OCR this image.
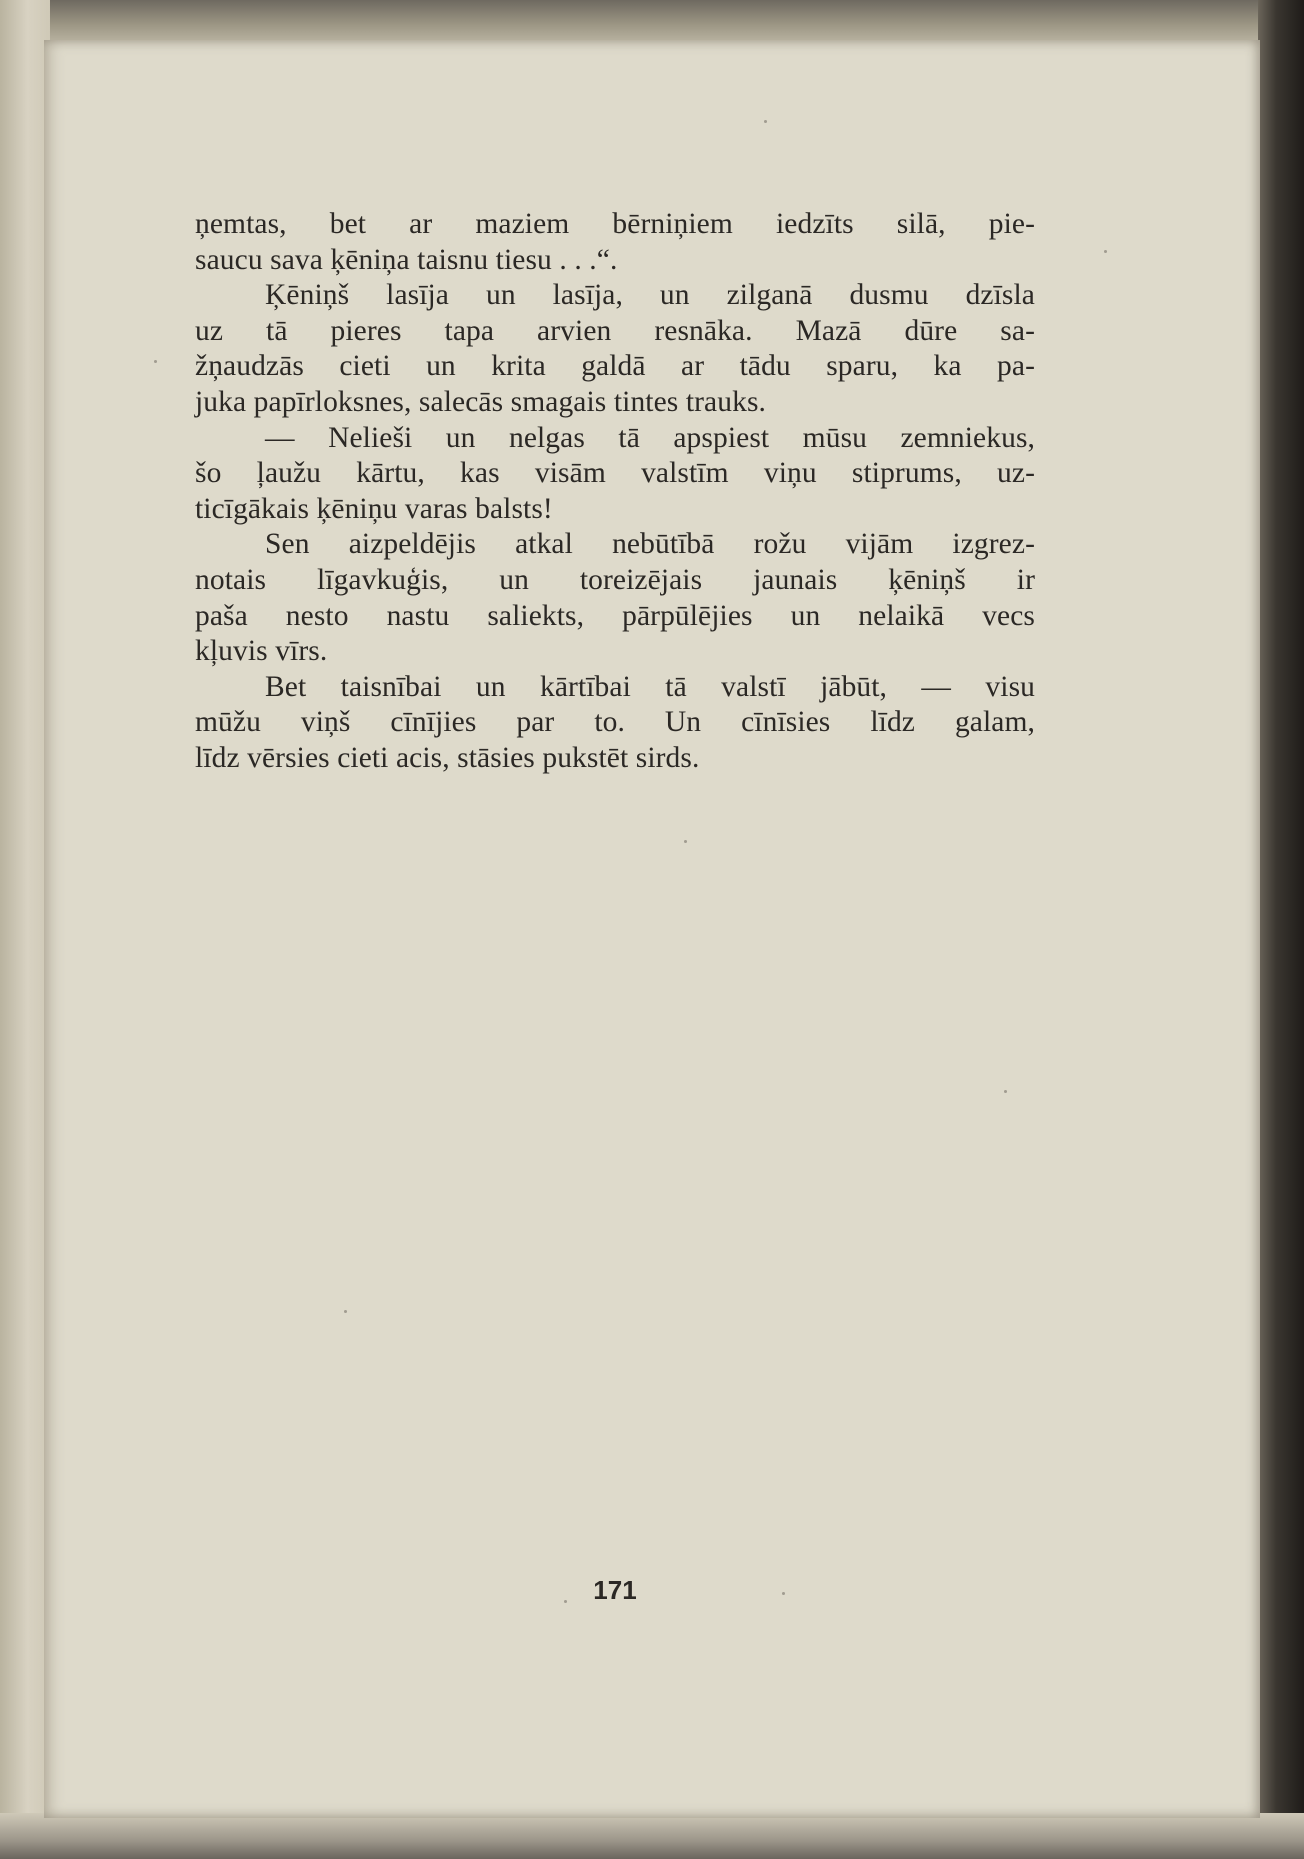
ņemtas, bet ar maziem bērniņiem iedzīts silā, pie-
saucu sava ķēniņa taisnu tiesu . . .“.
Ķēniņš lasīja un lasīja, un zilganā dusmu dzīsla
uz tā pieres tapa arvien resnāka. Mazā dūre sa-
žņaudzās cieti un krita galdā ar tādu sparu, ka pa-
juka papīrloksnes, salecās smagais tintes trauks.
— Nelieši un nelgas tā apspiest mūsu zemniekus,
šo ļaužu kārtu, kas visām valstīm viņu stiprums, uz-
ticīgākais ķēniņu varas balsts!
Sen aizpeldējis atkal nebūtībā rožu vijām izgrez-
notais līgavkuģis, un toreizējais jaunais ķēniņš ir
paša nesto nastu saliekts, pārpūlējies un nelaikā vecs
kļuvis vīrs.
Bet taisnībai un kārtībai tā valstī jābūt, — visu
mūžu viņš cīnījies par to. Un cīnīsies līdz galam,
līdz vērsies cieti acis, stāsies pukstēt sirds.
171
